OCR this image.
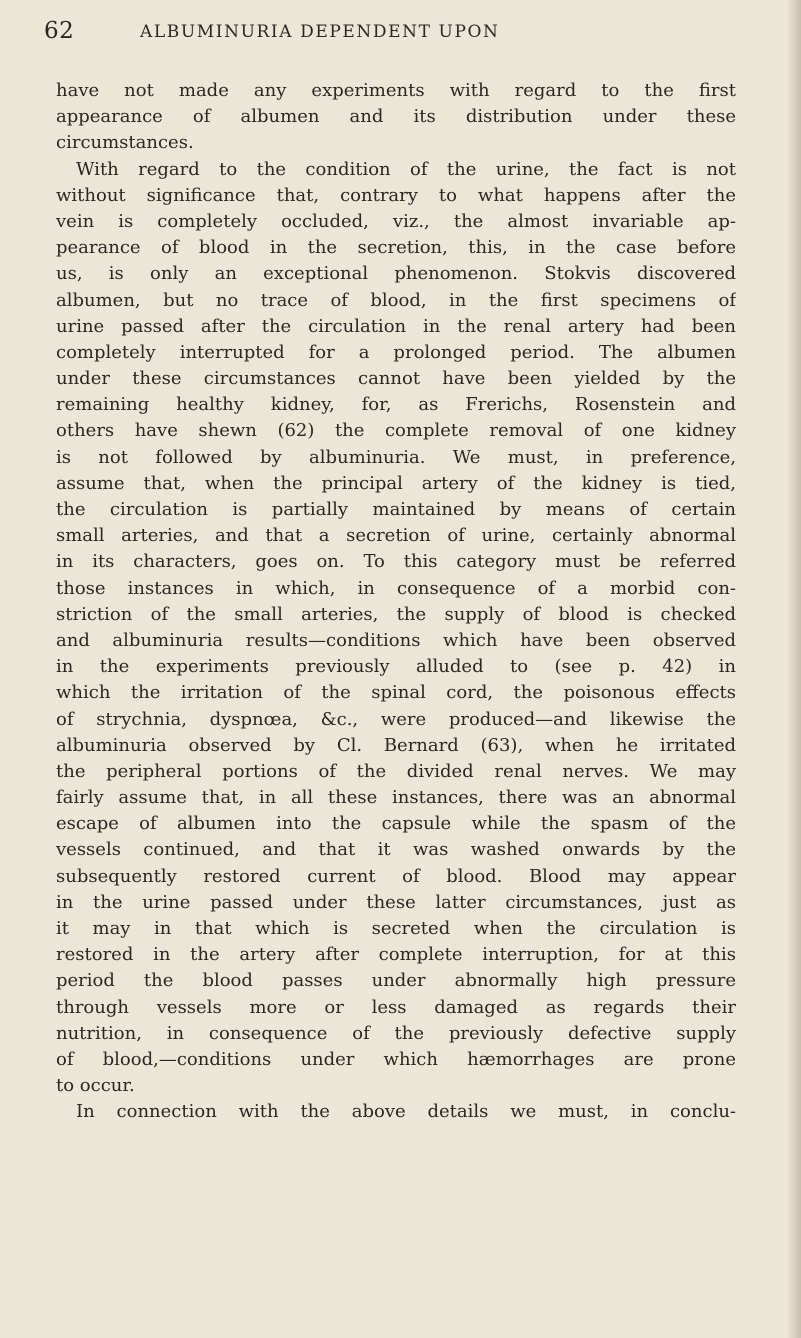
62	ALBUMINURIA DEPENDENT UPON
have not made any experiments with regard to the first
appearance of albumen and its distribution under these
circumstances.
With regard to the condition of the urine, the fact is not
without significance that, contrary to what happens after the
vein is completely occluded, viz., the almost invariable ap-
pearance of blood in the secretion, this, in the case before
us, is only an exceptional phenomenon. Stokvis discovered
albumen, but no trace of blood, in the first specimens of
urine passed after the circulation in the renal artery had been
completely interrupted for a prolonged period. The albumen
under these circumstances cannot have been yielded by the
remaining healthy kidney, for, as Frerichs, Rosenstein and
others have shewn (62) the complete removal of one kidney
is not followed by albuminuria. We must, in preference,
assume that, when the principal artery of the kidney is tied,
the circulation is partially maintained by means of certain
small arteries, and that a secretion of urine, certainly abnormal
in its characters, goes on. To this category must be referred
those instances in which, in consequence of a morbid con-
striction of the small arteries, the supply of blood is checked
and albuminuria results—conditions which have been observed
in the experiments previously alluded to (see p. 42) in
which the irritation of the spinal cord, the poisonous effects
of strychnia, dyspnœa, &c., were produced—and likewise the
albuminuria observed by Cl. Bernard (63), when he irritated
the peripheral portions of the divided renal nerves. We may
fairly assume that, in all these instances, there was an abnormal
escape of albumen into the capsule while the spasm of the
vessels continued, and that it was washed onwards by the
subsequently restored current of blood. Blood may appear
in the urine passed under these latter circumstances, just as
it may in that which is secreted when the circulation is
restored in the artery after complete interruption, for at this
period the blood passes under abnormally high pressure
through vessels more or less damaged as regards their
nutrition, in consequence of the previously defective supply
of blood,—conditions under which hæmorrhages are prone
to occur.
In connection with the above details we must, in conclu-
